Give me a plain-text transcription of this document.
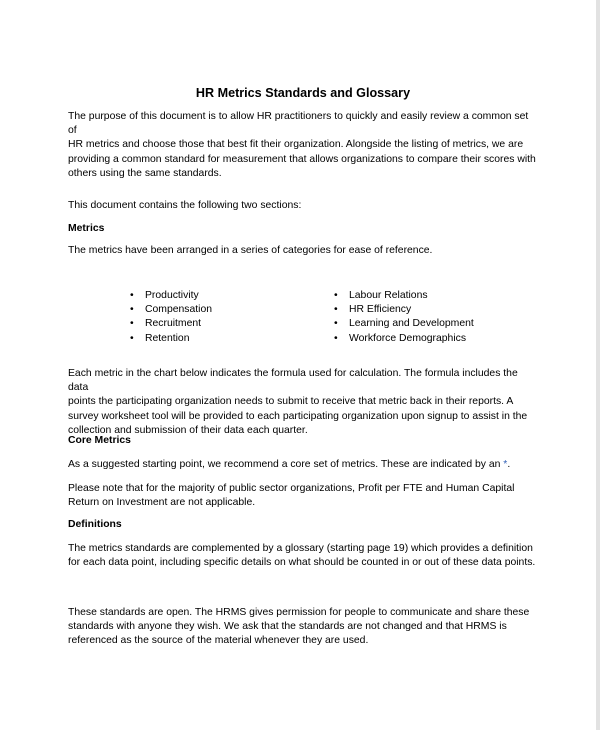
HR Metrics Standards and Glossary
The purpose of this document is to allow HR practitioners to quickly and easily review a common set of
HR metrics and choose those that best fit their organization. Alongside the listing of metrics, we are
providing a common standard for measurement that allows organizations to compare their scores with
others using the same standards.
This document contains the following two sections:
Metrics
The metrics have been arranged in a series of categories for ease of reference.
•	Productivity
•	Compensation
•	Recruitment
•	Retention
•	Labour Relations
•	HR Efficiency
•	Learning and Development
•	Workforce Demographics
Each metric in the chart below indicates the formula used for calculation. The formula includes the data
points the participating organization needs to submit to receive that metric back in their reports. A
survey worksheet tool will be provided to each participating organization upon signup to assist in the
collection and submission of their data each quarter.
Core Metrics
As a suggested starting point, we recommend a core set of metrics. These are indicated by an *.
Please note that for the majority of public sector organizations, Profit per FTE and Human Capital
Return on Investment are not applicable.
Definitions
The metrics standards are complemented by a glossary (starting page 19) which provides a definition
for each data point, including specific details on what should be counted in or out of these data points.
These standards are open. The HRMS gives permission for people to communicate and share these
standards with anyone they wish. We ask that the standards are not changed and that HRMS is
referenced as the source of the material whenever they are used.
